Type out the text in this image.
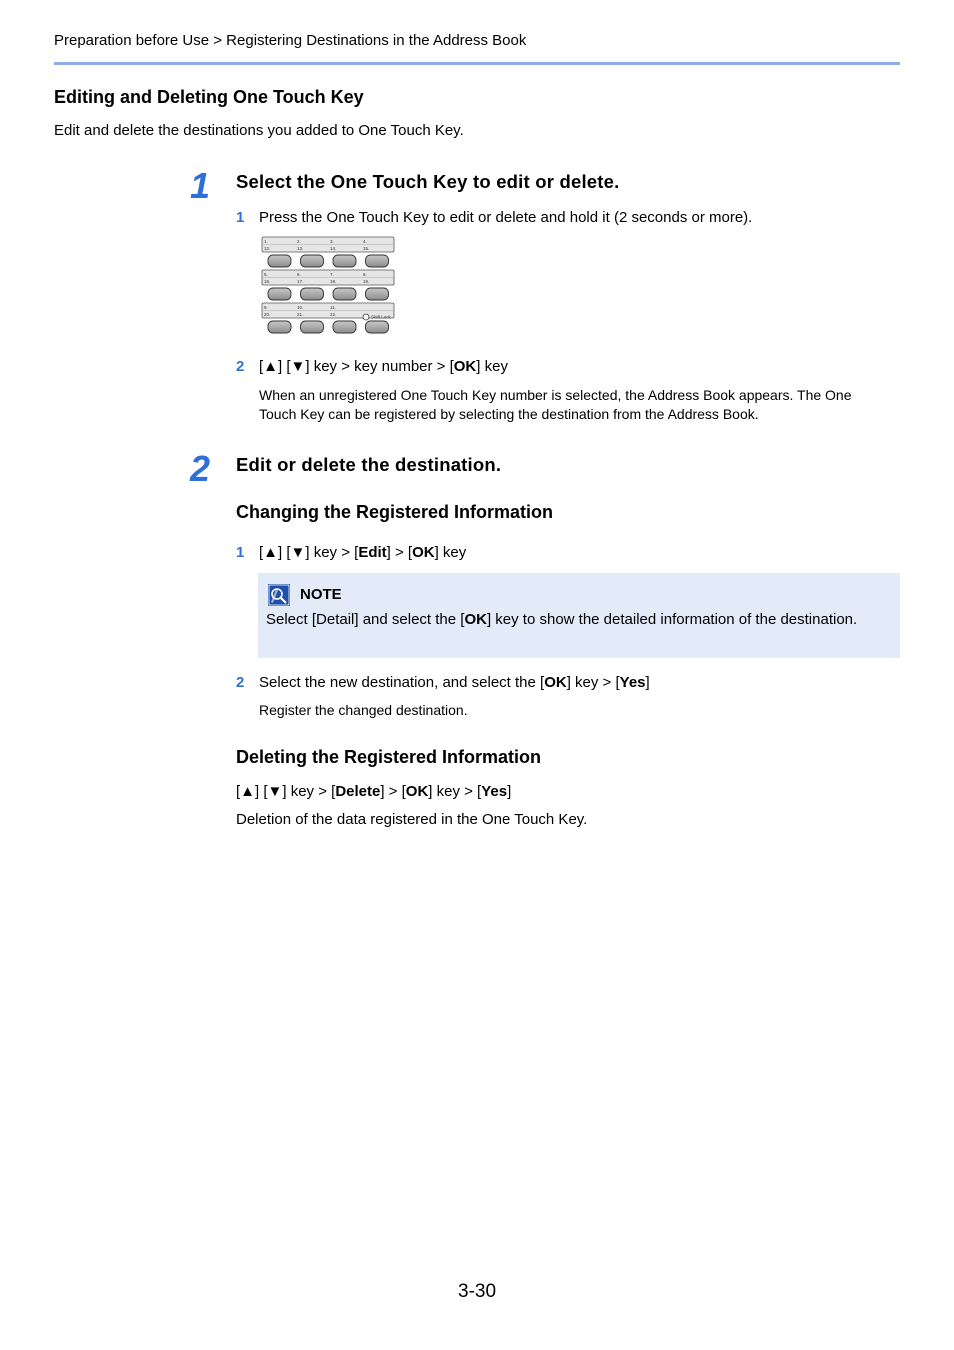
Preparation before Use > Registering Destinations in the Address Book
Editing and Deleting One Touch Key
Edit and delete the destinations you added to One Touch Key.
1 Select the One Touch Key to edit or delete.
1 Press the One Touch Key to edit or delete and hold it (2 seconds or more).
1.
12.
2.
13.
3.
14.
4.
15.
5.
16.
6.
17.
7.
18.
8.
19.
9.
20.
10.
21.
11.
22.	Shift Lock
2 [▲] [▼] key > key number > [OK] key
When an unregistered One Touch Key number is selected, the Address Book appears. The One Touch Key can be registered by selecting the destination from the Address Book.
2 Edit or delete the destination.
Changing the Registered Information
1 [▲] [▼] key > [Edit] > [OK] key
NOTE
Select [Detail] and select the [OK] key to show the detailed information of the destination.
2 Select the new destination, and select the [OK] key > [Yes]
Register the changed destination.
Deleting the Registered Information
[▲] [▼] key > [Delete] > [OK] key > [Yes]
Deletion of the data registered in the One Touch Key.
3-30
